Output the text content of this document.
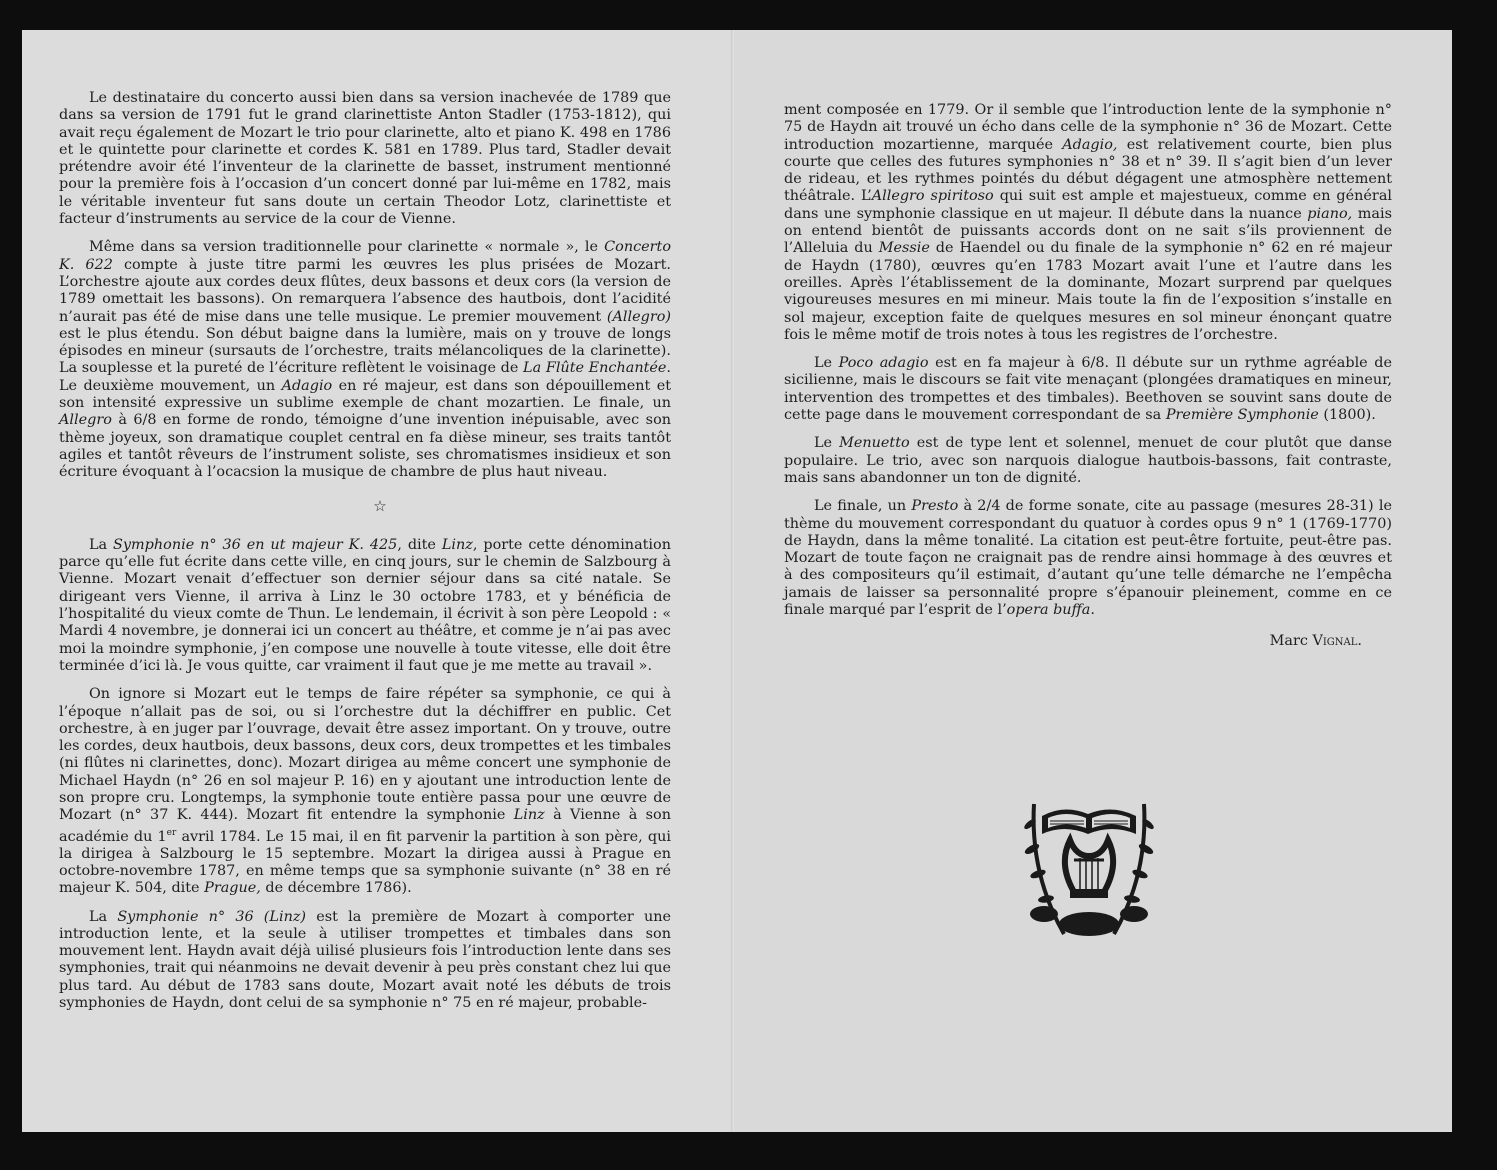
Le destinataire du concerto aussi bien dans sa version inachevée de 1789 que dans sa version de 1791 fut le grand clarinettiste Anton Stadler (1753-1812), qui avait reçu également de Mozart le trio pour clarinette, alto et piano K. 498 en 1786 et le quintette pour clarinette et cordes K. 581 en 1789. Plus tard, Stadler devait prétendre avoir été l’inventeur de la clarinette de basset, instrument mentionné pour la première fois à l’occasion d’un concert donné par lui-même en 1782, mais le véritable inventeur fut sans doute un certain Theodor Lotz, clarinettiste et facteur d’instruments au service de la cour de Vienne.

Même dans sa version traditionnelle pour clarinette « normale », le Concerto K. 622 compte à juste titre parmi les œuvres les plus prisées de Mozart. L’orchestre ajoute aux cordes deux flûtes, deux bassons et deux cors (la version de 1789 omettait les bassons). On remarquera l’absence des hautbois, dont l’acidité n’aurait pas été de mise dans une telle musique. Le premier mouvement (Allegro) est le plus étendu. Son début baigne dans la lumière, mais on y trouve de longs épisodes en mineur (sursauts de l’orchestre, traits mélancoliques de la clarinette). La souplesse et la pureté de l’écriture reflètent le voisinage de La Flûte Enchantée. Le deuxième mouvement, un Adagio en ré majeur, est dans son dépouillement et son intensité expressive un sublime exemple de chant mozartien. Le finale, un Allegro à 6/8 en forme de rondo, témoigne d’une invention inépuisable, avec son thème joyeux, son dramatique couplet central en fa dièse mineur, ses traits tantôt agiles et tantôt rêveurs de l’instrument soliste, ses chromatismes insidieux et son écriture évoquant à l’ocacsion la musique de chambre de plus haut niveau.

☆

La Symphonie n° 36 en ut majeur K. 425, dite Linz, porte cette dénomination parce qu’elle fut écrite dans cette ville, en cinq jours, sur le chemin de Salzbourg à Vienne. Mozart venait d’effectuer son dernier séjour dans sa cité natale. Se dirigeant vers Vienne, il arriva à Linz le 30 octobre 1783, et y bénéficia de l’hospitalité du vieux comte de Thun. Le lendemain, il écrivit à son père Leopold : « Mardi 4 novembre, je donnerai ici un concert au théâtre, et comme je n’ai pas avec moi la moindre symphonie, j’en compose une nouvelle à toute vitesse, elle doit être terminée d’ici là. Je vous quitte, car vraiment il faut que je me mette au travail ».

On ignore si Mozart eut le temps de faire répéter sa symphonie, ce qui à l’époque n’allait pas de soi, ou si l’orchestre dut la déchiffrer en public. Cet orchestre, à en juger par l’ouvrage, devait être assez important. On y trouve, outre les cordes, deux hautbois, deux bassons, deux cors, deux trompettes et les timbales (ni flûtes ni clarinettes, donc). Mozart dirigea au même concert une symphonie de Michael Haydn (n° 26 en sol majeur P. 16) en y ajoutant une introduction lente de son propre cru. Longtemps, la symphonie toute entière passa pour une œuvre de Mozart (n° 37 K. 444). Mozart fit entendre la symphonie Linz à Vienne à son académie du 1er avril 1784. Le 15 mai, il en fit parvenir la partition à son père, qui la dirigea à Salzbourg le 15 septembre. Mozart la dirigea aussi à Prague en octobre-novembre 1787, en même temps que sa symphonie suivante (n° 38 en ré majeur K. 504, dite Prague, de décembre 1786).

La Symphonie n° 36 (Linz) est la première de Mozart à comporter une introduction lente, et la seule à utiliser trompettes et timbales dans son mouvement lent. Haydn avait déjà uilisé plusieurs fois l’introduction lente dans ses symphonies, trait qui néanmoins ne devait devenir à peu près constant chez lui que plus tard. Au début de 1783 sans doute, Mozart avait noté les débuts de trois symphonies de Haydn, dont celui de sa symphonie n° 75 en ré majeur, probable-

ment composée en 1779. Or il semble que l’introduction lente de la symphonie n° 75 de Haydn ait trouvé un écho dans celle de la symphonie n° 36 de Mozart. Cette introduction mozartienne, marquée Adagio, est relativement courte, bien plus courte que celles des futures symphonies n° 38 et n° 39. Il s’agit bien d’un lever de rideau, et les rythmes pointés du début dégagent une atmosphère nettement théâtrale. L’Allegro spiritoso qui suit est ample et majestueux, comme en général dans une symphonie classique en ut majeur. Il débute dans la nuance piano, mais on entend bientôt de puissants accords dont on ne sait s’ils proviennent de l’Alleluia du Messie de Haendel ou du finale de la symphonie n° 62 en ré majeur de Haydn (1780), œuvres qu’en 1783 Mozart avait l’une et l’autre dans les oreilles. Après l’établissement de la dominante, Mozart surprend par quelques vigoureuses mesures en mi mineur. Mais toute la fin de l’exposition s’installe en sol majeur, exception faite de quelques mesures en sol mineur énonçant quatre fois le même motif de trois notes à tous les registres de l’orchestre.

Le Poco adagio est en fa majeur à 6/8. Il débute sur un rythme agréable de sicilienne, mais le discours se fait vite menaçant (plongées dramatiques en mineur, intervention des trompettes et des timbales). Beethoven se souvint sans doute de cette page dans le mouvement correspondant de sa Première Symphonie (1800).

Le Menuetto est de type lent et solennel, menuet de cour plutôt que danse populaire. Le trio, avec son narquois dialogue hautbois-bassons, fait contraste, mais sans abandonner un ton de dignité.

Le finale, un Presto à 2/4 de forme sonate, cite au passage (mesures 28-31) le thème du mouvement correspondant du quatuor à cordes opus 9 n° 1 (1769-1770) de Haydn, dans la même tonalité. La citation est peut-être fortuite, peut-être pas. Mozart de toute façon ne craignait pas de rendre ainsi hommage à des œuvres et à des compositeurs qu’il estimait, d’autant qu’une telle démarche ne l’empêcha jamais de laisser sa personnalité propre s’épanouir pleinement, comme en ce finale marqué par l’esprit de l’opera buffa.

Marc Vignal.
